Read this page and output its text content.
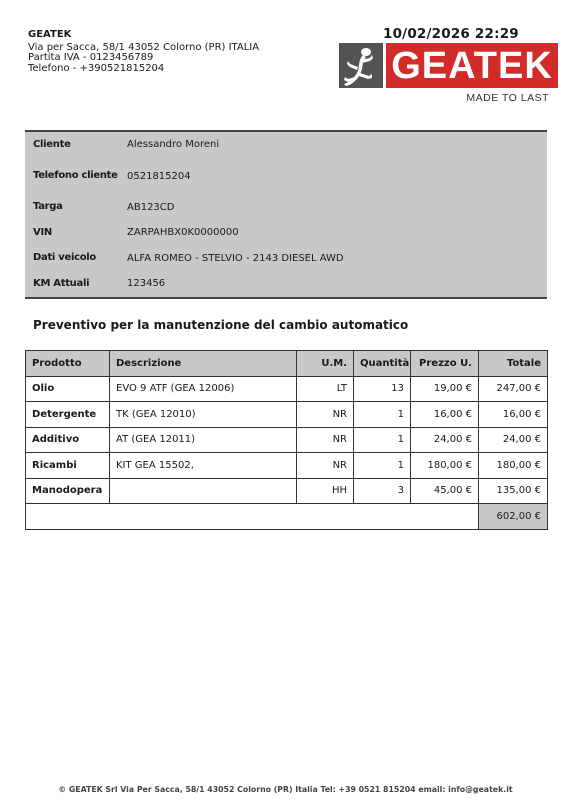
GEATEK
Via per Sacca, 58/1 43052 Colorno (PR) ITALIA
Partita IVA - 0123456789
Telefono - +390521815204
10/02/2026 22:29
GEATEK
MADE TO LAST
Cliente	Alessandro Moreni
Telefono cliente	0521815204
Targa	AB123CD
VIN	ZARPAHBX0K0000000
Dati veicolo	ALFA ROMEO - STELVIO - 2143 DIESEL AWD
KM Attuali	123456
Preventivo per la manutenzione del cambio automatico
Prodotto	Descrizione	U.M.	Quantità	Prezzo U.	Totale
Olio	EVO 9 ATF (GEA 12006)	LT	13	19,00 €	247,00 €
Detergente	TK (GEA 12010)	NR	1	16,00 €	16,00 €
Additivo	AT (GEA 12011)	NR	1	24,00 €	24,00 €
Ricambi	KIT GEA 15502,	NR	1	180,00 €	180,00 €
Manodopera		HH	3	45,00 €	135,00 €
					602,00 €
© GEATEK Srl Via Per Sacca, 58/1 43052 Colorno (PR) Italia Tel: +39 0521 815204 email: info@geatek.it
